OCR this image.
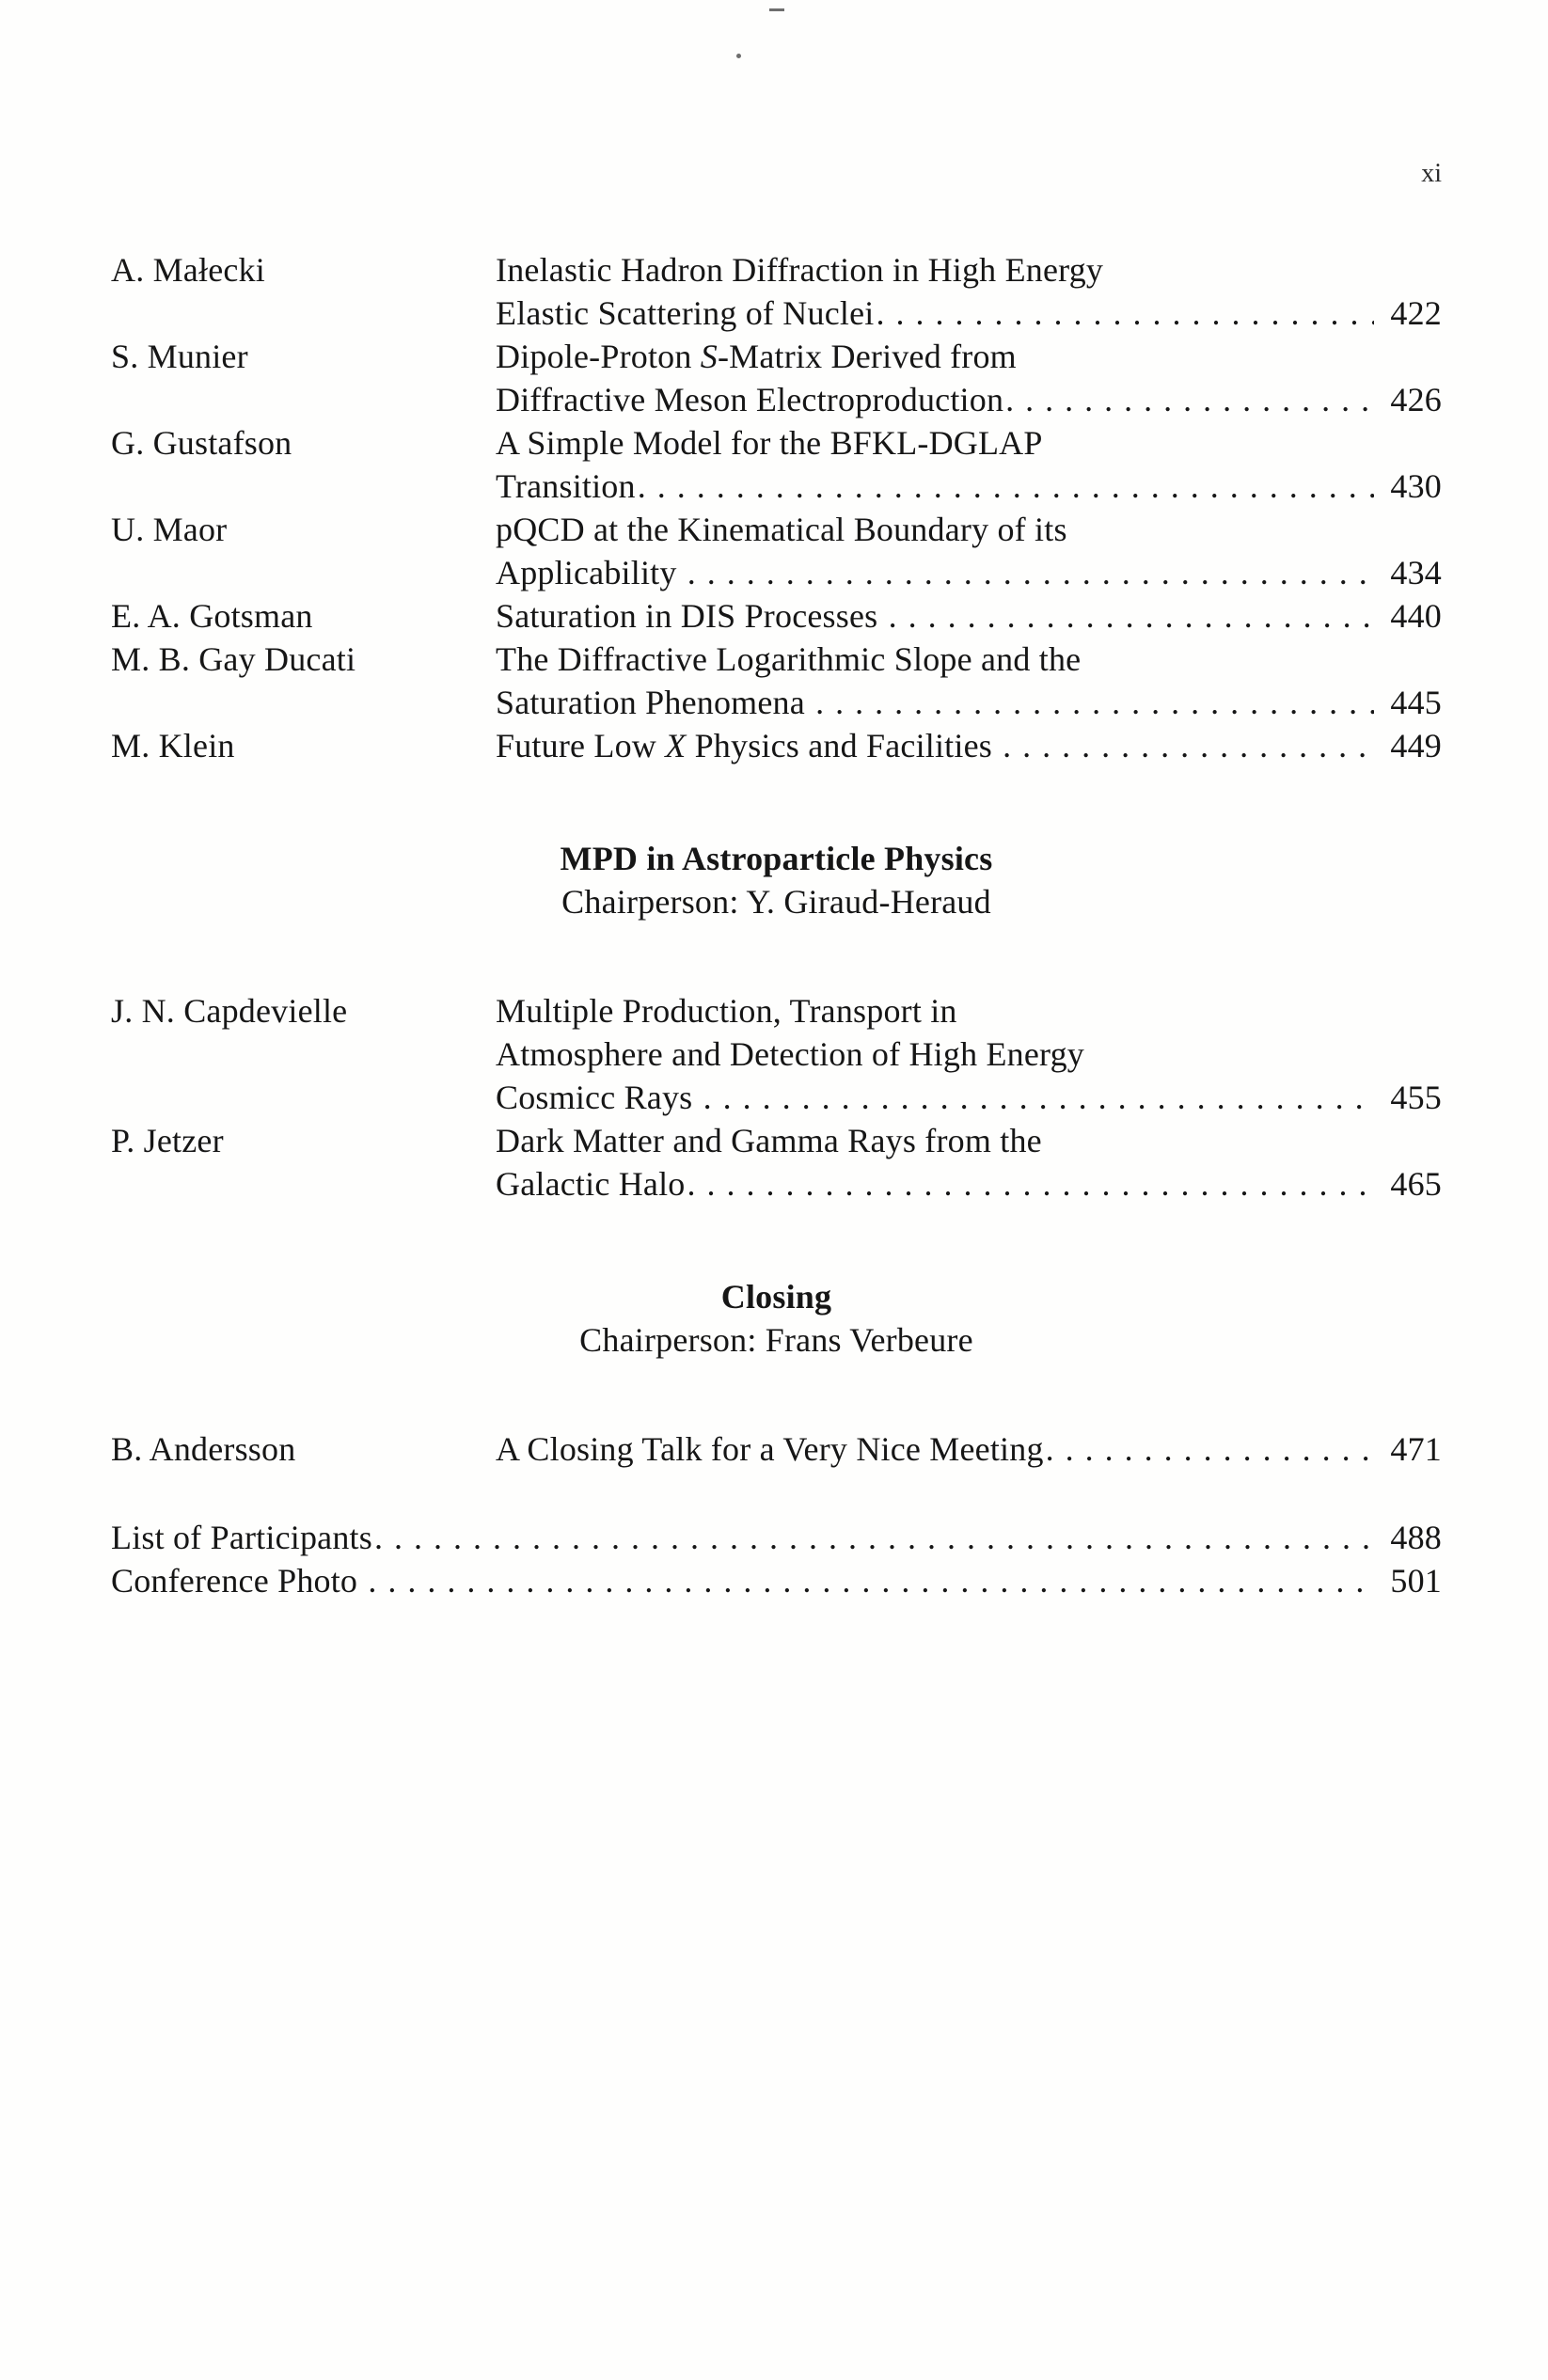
xi
A. Małecki	Inelastic Hadron Diffraction in High Energy
Elastic Scattering of Nuclei .....	422
S. Munier	Dipole-Proton S-Matrix Derived from
Diffractive Meson Electroproduction .....	426
G. Gustafson	A Simple Model for the BFKL-DGLAP
Transition .....	430
U. Maor	pQCD at the Kinematical Boundary of its
Applicability .....	434
E. A. Gotsman	Saturation in DIS Processes .....	440
M. B. Gay Ducati	The Diffractive Logarithmic Slope and the
Saturation Phenomena .....	445
M. Klein	Future Low X Physics and Facilities .....	449
MPD in Astroparticle Physics
Chairperson: Y. Giraud-Heraud
J. N. Capdevielle	Multiple Production, Transport in
Atmosphere and Detection of High Energy
Cosmicc Rays .....	455
P. Jetzer	Dark Matter and Gamma Rays from the
Galactic Halo .....	465
Closing
Chairperson: Frans Verbeure
B. Andersson	A Closing Talk for a Very Nice Meeting .....	471
List of Participants .....	488
Conference Photo .....	501
